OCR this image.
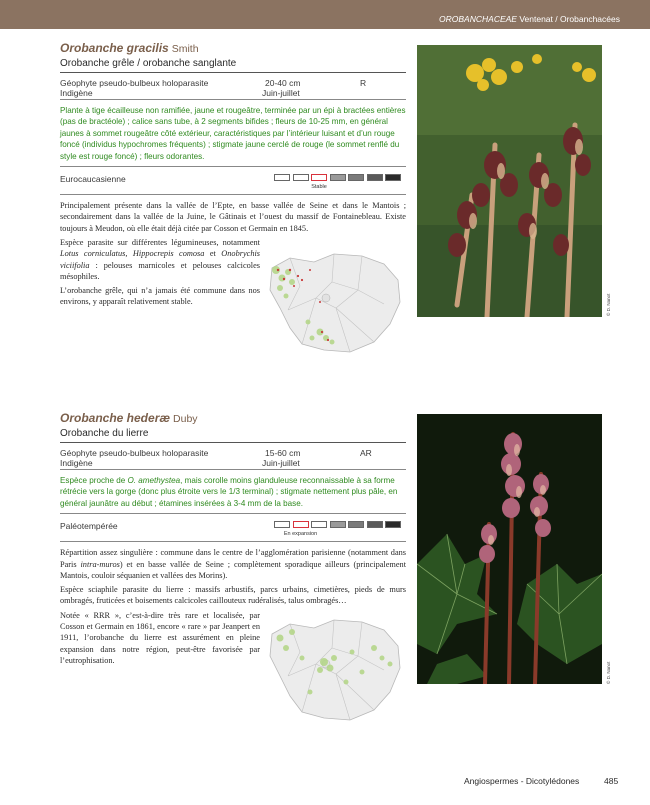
OROBANCHACEAE Ventenat / Orobanchacées
Orobanche gracilis Smith
Orobanche grêle / orobanche sanglante
Géophyte pseudo-bulbeux holoparasite
Indigène
20-40 cm
Juin-juillet
R
Plante à tige écailleuse non ramifiée, jaune et rougeâtre, terminée par un épi à bractées entières (pas de bractéole) ; calice sans tube, à 2 segments bifides ; fleurs de 10-25 mm, en général jaunes à sommet rougeâtre côté extérieur, caractéristiques par l’intérieur luisant et d’un rouge foncé (individus hypochromes fréquents) ; stigmate jaune cerclé de rouge (le sommet renflé du style est rouge foncé) ; fleurs odorantes.
Eurocaucasienne
Stable

Principalement présente dans la vallée de l’Epte, en basse vallée de Seine et dans le Mantois ; secondairement dans la vallée de la Juine, le Gâtinais et l’ouest du massif de Fontainebleau. Existe toujours à Meudon, où elle était déjà citée par Cosson et Germain en 1845.

Espèce parasite sur différentes légumineuses, notamment Lotus corniculatus, Hippocrepis comosa et Onobrychis viciifolia : pelouses marnicoles et pelouses calcicoles mésophiles.

L’orobanche grêle, qui n’a jamais été commune dans nos environs, y apparaît relativement stable.	© D. Nanot
Orobanche hederæ Duby
Orobanche du lierre
Géophyte pseudo-bulbeux holoparasite
Indigène
15-60 cm
Juin-juillet
AR
Espèce proche de O. amethystea, mais corolle moins glanduleuse reconnaissable à sa forme rétrécie vers la gorge (donc plus étroite vers le 1/3 terminal) ; stigmate nettement plus pâle, en général jaunâtre au début ; étamines insérées à 3-4 mm de la base.
Paléotempérée
En expansion

Répartition assez singulière : commune dans le centre de l’agglomération parisienne (notamment dans Paris intra-muros) et en basse vallée de Seine ; complètement sporadique ailleurs (principalement Mantois, couloir séquanien et vallées des Morins).

Espèce sciaphile parasite du lierre : massifs arbustifs, parcs urbains, cimetières, pieds de murs ombragés, fruticées et boisements calcicoles caillouteux rudéralisés, talus ombragés…

Notée « RRR », c’est-à-dire très rare et localisée, par Cosson et Germain en 1861, encore « rare » par Jeanpert en 1911, l’orobanche du lierre est assurément en pleine expansion dans notre région, peut-être favorisée par l’eutrophisation.

© D. Nanot
Angiospermes - Dicotylédones	485
